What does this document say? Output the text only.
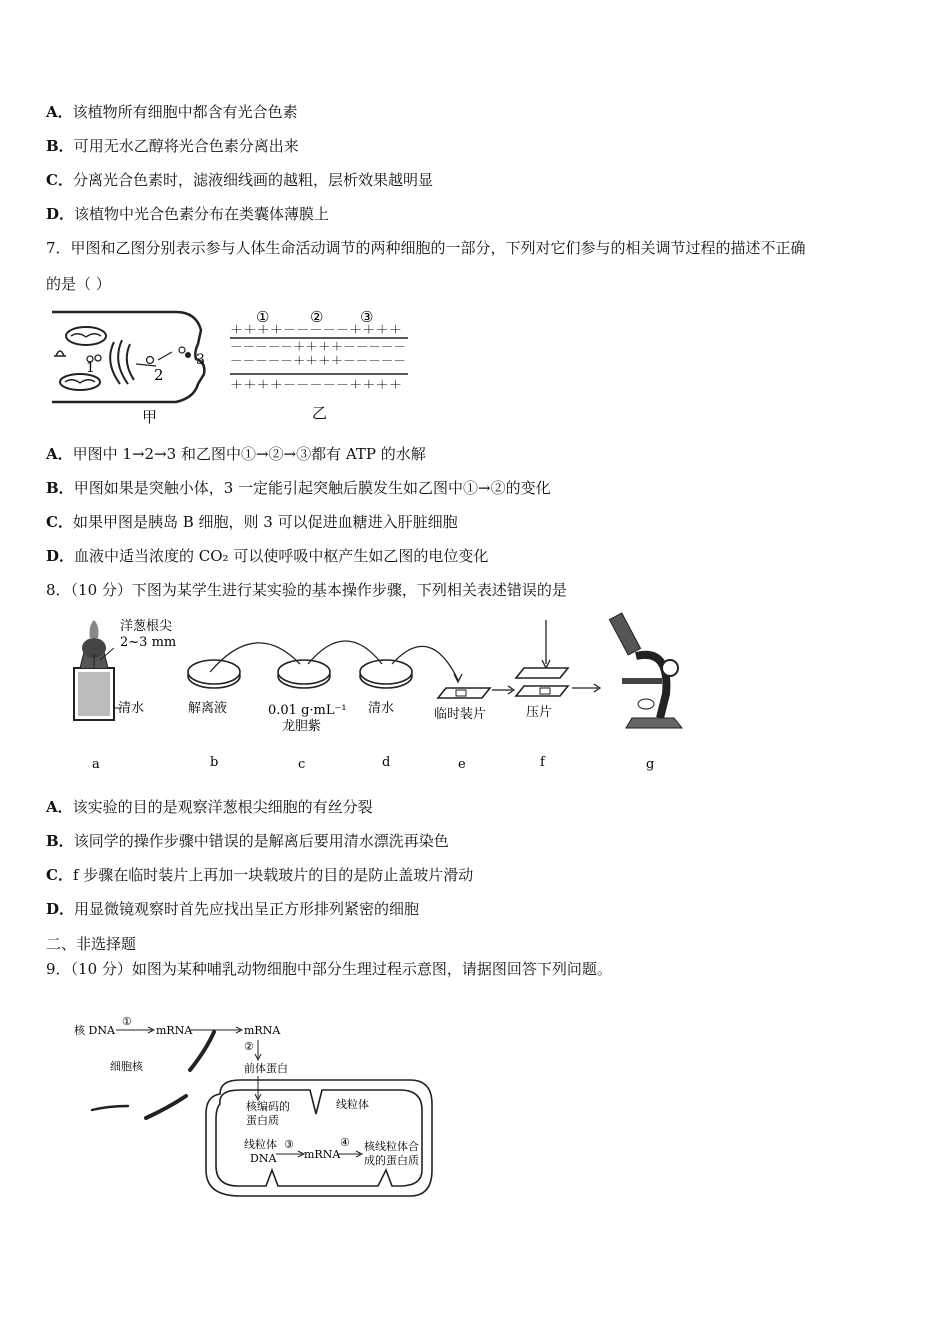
A．该植物所有细胞中都含有光合色素
B．可用无水乙醇将光合色素分离出来
C．分离光合色素时，滤液细线画的越粗，层析效果越明显
D．该植物中光合色素分布在类囊体薄膜上
7．甲图和乙图分别表示参与人体生命活动调节的两种细胞的一部分，下列对它们参与的相关调节过程的描述不正确
的是（ ）
1	2
3
甲
①	② ③
＋＋＋＋－－－－－＋＋＋＋
－－－－－＋＋＋＋－－－－－
－－－－－＋＋＋＋－－－－－
＋＋＋＋－－－－－＋＋＋＋
乙
A．甲图中 1→2→3 和乙图中①→②→③都有 ATP 的水解
B．甲图如果是突触小体，3 一定能引起突触后膜发生如乙图中①→②的变化
C．如果甲图是胰岛 B 细胞，则 3 可以促进血糖进入肝脏细胞
D．血液中适当浓度的 CO₂ 可以使呼吸中枢产生如乙图的电位变化
8．（10 分）下图为某学生进行某实验的基本操作步骤，下列相关表述错误的是
洋葱根尖
2~3 mm
清水	解离液	0.01 g·mL⁻¹
龙胆紫
清水	临时装片	压片
a	b	c	d	e	f	g
A．该实验的目的是观察洋葱根尖细胞的有丝分裂
B．该同学的操作步骤中错误的是解离后要用清水漂洗再染色
C．f 步骤在临时装片上再加一块载玻片的目的是防止盖玻片滑动
D．用显微镜观察时首先应找出呈正方形排列紧密的细胞
二、非选择题
9．（10 分）如图为某种哺乳动物细胞中部分生理过程示意图，请据图回答下列问题。
核 DNA
①
mRNA	mRNA
细胞核
②
前体蛋白
核编码的
蛋白质
线粒体
线粒体
DNA
③
mRNA
④ 核线粒体合
成的蛋白质
